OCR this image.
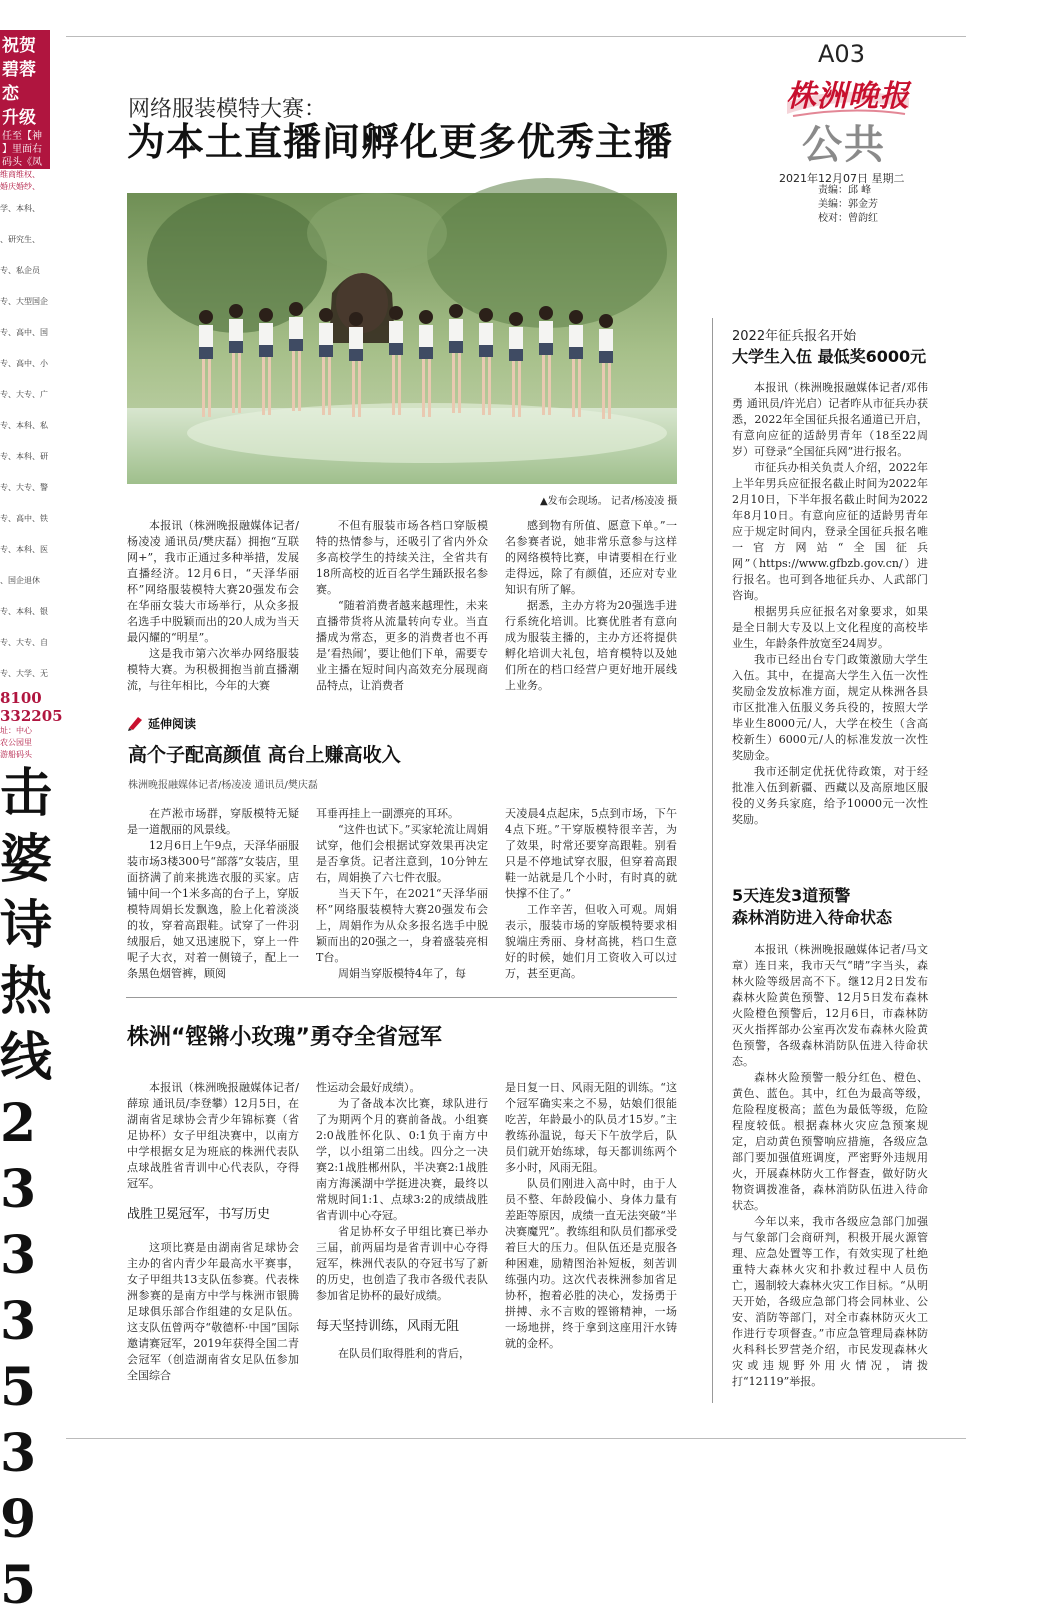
祝贺
碧蓉
恋
升级
任至【神
】里面右
码头《凤
维商维权、
婚庆婚纱、
学、本科、
、研究生、
专、私企员
专、大型国企
专、高中、国
专、高中、小
专、大专、广
专、本科、私
专、本科、研
专、大专、警
专、高中、铁
专、本科、医
、国企退休
专、本科、银
专、大专、自
专、大学、无
8100
332205
址：中心
农公园里
游船码头
击
婆
诗
热
线
2
3
3
3
5
3
9
5
A03
株洲晚报
公共
2021年12月07日 星期二
责编：邱 峰
美编：郭金芳
校对：曾韵红
网络服装模特大赛：
为本土直播间孵化更多优秀主播
▲发布会现场。 记者/杨凌凌 摄

本报讯（株洲晚报融媒体记者/杨凌凌 通讯员/樊庆磊）拥抱“互联网+”，我市正通过多种举措，发展直播经济。12月6日，“天泽华丽杯”网络服装模特大赛20强发布会在华丽女装大市场举行，从众多报名选手中脱颖而出的20人成为当天最闪耀的“明星”。

这是我市第六次举办网络服装模特大赛。为积极拥抱当前直播潮流，与往年相比，今年的大赛

不但有服装市场各档口穿版模特的热情参与，还吸引了省内外众多高校学生的持续关注，全省共有18所高校的近百名学生踊跃报名参赛。

“随着消费者越来越理性，未来直播带货将从流量转向专业。当直播成为常态，更多的消费者也不再是‘看热闹’，要让他们下单，需要专业主播在短时间内高效充分展现商品特点，让消费者

感到物有所值、愿意下单。”一名参赛者说，她非常乐意参与这样的网络模特比赛，申请要相在行业走得远，除了有颜值，还应对专业知识有所了解。

据悉，主办方将为20强选手进行系统化培训。比赛优胜者有意向成为服装主播的，主办方还将提供孵化培训大礼包，培育模特以及她们所在的档口经营户更好地开展线上业务。

延伸阅读
高个子配高颜值 高台上赚高收入
株洲晚报融媒体记者/杨凌凌 通讯员/樊庆磊

在芦淞市场群，穿版模特无疑是一道靓丽的风景线。

12月6日上午9点，天泽华丽服装市场3楼300号“部落”女装店，里面挤满了前来挑选衣服的买家。店铺中间一个1米多高的台子上，穿版模特周娟长发飘逸，脸上化着淡淡的妆，穿着高跟鞋。试穿了一件羽绒服后，她又迅速脱下，穿上一件呢子大衣，对着一侧镜子，配上一条黑色烟管裤，顾阅

耳垂再挂上一副漂亮的耳环。

“这件也试下。”买家轮流让周娟试穿，他们会根据试穿效果再决定是否拿货。记者注意到，10分钟左右，周娟换了六七件衣服。

当天下午，在2021“天泽华丽杯”网络服装模特大赛20强发布会上，周娟作为从众多报名选手中脱颖而出的20强之一，身着盛装亮相T台。

周娟当穿版模特4年了，每

天凌晨4点起床，5点到市场，下午4点下班。”干穿版模特很辛苦，为了效果，时常还要穿高跟鞋。别看只是不停地试穿衣服，但穿着高跟鞋一站就是几个小时，有时真的就快撑不住了。”

工作辛苦，但收入可观。周娟表示，服装市场的穿版模特要求相貌端庄秀丽、身材高挑，档口生意好的时候，她们月工资收入可以过万，甚至更高。

株洲“铿锵小玫瑰”勇夺全省冠军

本报讯（株洲晚报融媒体记者/薛琼 通讯员/李登攀）12月5日，在湖南省足球协会青少年锦标赛（省足协杯）女子甲组决赛中，以南方中学根据女足为班底的株洲代表队点球战胜省青训中心代表队，夺得冠军。

战胜卫冕冠军，书写历史

这项比赛是由湖南省足球协会主办的省内青少年最高水平赛事，女子甲组共13支队伍参赛。代表株洲参赛的是南方中学与株洲市银腾足球俱乐部合作组建的女足队伍。这支队伍曾两夺“敬德杯·中国”国际邀请赛冠军，2019年获得全国二青会冠军（创造湖南省女足队伍参加全国综合

性运动会最好成绩）。

为了备战本次比赛，球队进行了为期两个月的赛前备战。小组赛2:0战胜怀化队、0:1负于南方中学，以小组第二出线。四分之一决赛2:1战胜郴州队，半决赛2:1战胜南方海溪湖中学挺进决赛，最终以常规时间1:1、点球3:2的成绩战胜省青训中心夺冠。

省足协杯女子甲组比赛已举办三届，前两届均是省青训中心夺得冠军，株洲代表队的夺冠书写了新的历史，也创造了我市各级代表队参加省足协杯的最好成绩。

每天坚持训练，风雨无阻

在队员们取得胜利的背后，

是日复一日、风雨无阻的训练。“这个冠军确实来之不易，姑娘们很能吃苦，年龄最小的队员才15岁。”主教练孙温说，每天下午放学后，队员们就开始练球，每天都训练两个多小时，风雨无阻。

队员们刚进入高中时，由于人员不整、年龄段偏小、身体力量有差距等原因，成绩一直无法突破“半决赛魔咒”。教练组和队员们都承受着巨大的压力。但队伍还是克服各种困难，励精图治补短板，刻苦训练强内功。这次代表株洲参加省足协杯，抱着必胜的决心，发扬勇于拼搏、永不言败的铿锵精神，一场一场地拼，终于拿到这座用汗水铸就的金杯。

2022年征兵报名开始
大学生入伍 最低奖6000元

本报讯（株洲晚报融媒体记者/邓伟勇 通讯员/许光启）记者昨从市征兵办获悉，2022年全国征兵报名通道已开启，有意向应征的适龄男青年（18至22周岁）可登录“全国征兵网”进行报名。

市征兵办相关负责人介绍，2022年上半年男兵应征报名截止时间为2022年2月10日，下半年报名截止时间为2022年8月10日。有意向应征的适龄男青年应于规定时间内，登录全国征兵报名唯一官方网站“全国征兵网”（https://www.gfbzb.gov.cn/）进行报名。也可到各地征兵办、人武部门咨询。

根据男兵应征报名对象要求，如果是全日制大专及以上文化程度的高校毕业生，年龄条件放宽至24周岁。

我市已经出台专门政策激励大学生入伍。其中，在提高大学生入伍一次性奖励金发放标准方面，规定从株洲各县市区批准入伍服义务兵役的，按照大学毕业生8000元/人，大学在校生（含高校新生）6000元/人的标准发放一次性奖励金。

我市还制定优抚优待政策，对于经批准入伍到新疆、西藏以及高原地区服役的义务兵家庭，给予10000元一次性奖励。

5天连发3道预警
森林消防进入待命状态

本报讯（株洲晚报融媒体记者/马文章）连日来，我市天气“晴”字当头，森林火险等级居高不下。继12月2日发布森林火险黄色预警、12月5日发布森林火险橙色预警后，12月6日，市森林防灭火指挥部办公室再次发布森林火险黄色预警，各级森林消防队伍进入待命状态。

森林火险预警一般分红色、橙色、黄色、蓝色。其中，红色为最高等级，危险程度极高；蓝色为最低等级，危险程度较低。根据森林火灾应急预案规定，启动黄色预警响应措施，各级应急部门要加强值班调度，严密野外违规用火，开展森林防火工作督查，做好防火物资调拨准备，森林消防队伍进入待命状态。

今年以来，我市各级应急部门加强与气象部门会商研判，积极开展火源管理、应急处置等工作，有效实现了杜绝重特大森林火灾和扑救过程中人员伤亡，遏制较大森林火灾工作目标。“从明天开始，各级应急部门将会同林业、公安、消防等部门，对全市森林防灭火工作进行专项督查。”市应急管理局森林防火科科长罗营尧介绍，市民发现森林火灾或违规野外用火情况，请拨打“12119”举报。
